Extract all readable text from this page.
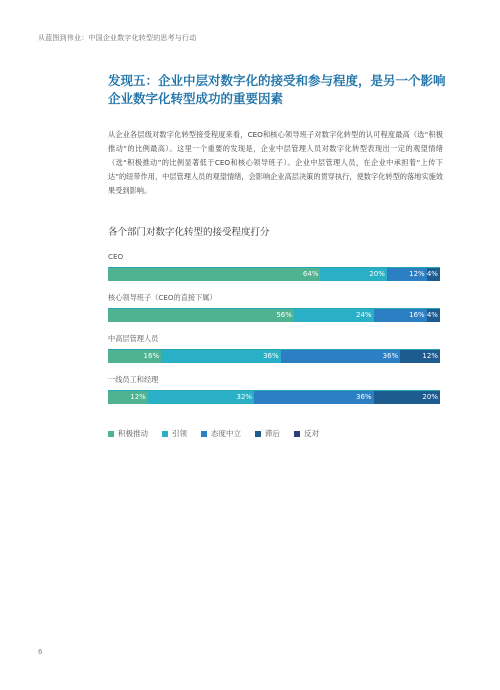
从蓝图到伟业：中国企业数字化转型的思考与行动
发现五：企业中层对数字化的接受和参与程度，是另一个影响企业数字化转型成功的重要因素
从企业各层级对数字化转型接受程度来看，CEO和核心领导班子对数字化转型的认可程度最高（选“积极推动”的比例最高）。这里一个重要的发现是，企业中层管理人员对数字化转型表现出一定的观望情绪（选“积极推动”的比例显著低于CEO和核心领导班子）。企业中层管理人员，在企业中承担着“上传下达”的纽带作用，中层管理人员的观望情绪，会影响企业高层决策的贯穿执行，使数字化转型的落地实施效果受到影响。
各个部门对数字化转型的接受程度打分
CEO
64%	20%	12% 4%
核心领导班子（CEO的直接下属）
56%	24%	16% 4%
中高层管理人员
16%	36%	36%	12%
一线员工和经理
12%	32%	36%	20%
积极推动	引领	态度中立	滞后	反对
6
